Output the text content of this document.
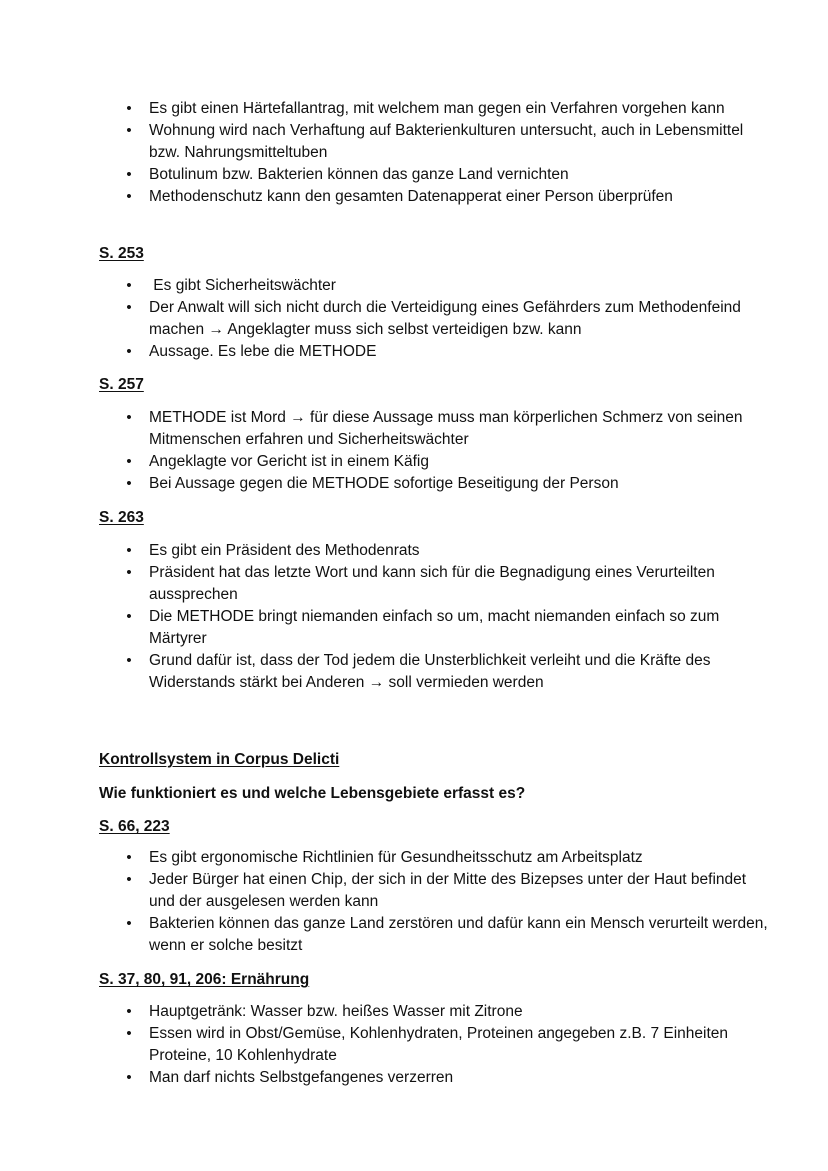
• Es gibt einen Härtefallantrag, mit welchem man gegen ein Verfahren vorgehen kann
• Wohnung wird nach Verhaftung auf Bakterienkulturen untersucht, auch in Lebensmittel bzw. Nahrungsmitteltuben
• Botulinum bzw. Bakterien können das ganze Land vernichten
• Methodenschutz kann den gesamten Datenapperat einer Person überprüfen
S. 253
• Es gibt Sicherheitswächter
• Der Anwalt will sich nicht durch die Verteidigung eines Gefährders zum Methodenfeind machen → Angeklagter muss sich selbst verteidigen bzw. kann
• Aussage. Es lebe die METHODE
S. 257
• METHODE ist Mord → für diese Aussage muss man körperlichen Schmerz von seinen Mitmenschen erfahren und Sicherheitswächter
• Angeklagte vor Gericht ist in einem Käfig
• Bei Aussage gegen die METHODE sofortige Beseitigung der Person
S. 263
• Es gibt ein Präsident des Methodenrats
• Präsident hat das letzte Wort und kann sich für die Begnadigung eines Verurteilten aussprechen
• Die METHODE bringt niemanden einfach so um, macht niemanden einfach so zum Märtyrer
• Grund dafür ist, dass der Tod jedem die Unsterblichkeit verleiht und die Kräfte des Widerstands stärkt bei Anderen → soll vermieden werden
Kontrollsystem in Corpus Delicti
Wie funktioniert es und welche Lebensgebiete erfasst es?
S. 66, 223
• Es gibt ergonomische Richtlinien für Gesundheitsschutz am Arbeitsplatz
• Jeder Bürger hat einen Chip, der sich in der Mitte des Bizepses unter der Haut befindet und der ausgelesen werden kann
• Bakterien können das ganze Land zerstören und dafür kann ein Mensch verurteilt werden, wenn er solche besitzt
S. 37, 80, 91, 206: Ernährung
• Hauptgetränk: Wasser bzw. heißes Wasser mit Zitrone
• Essen wird in Obst/Gemüse, Kohlenhydraten, Proteinen angegeben z.B. 7 Einheiten Proteine, 10 Kohlenhydrate
• Man darf nichts Selbstgefangenes verzerren
